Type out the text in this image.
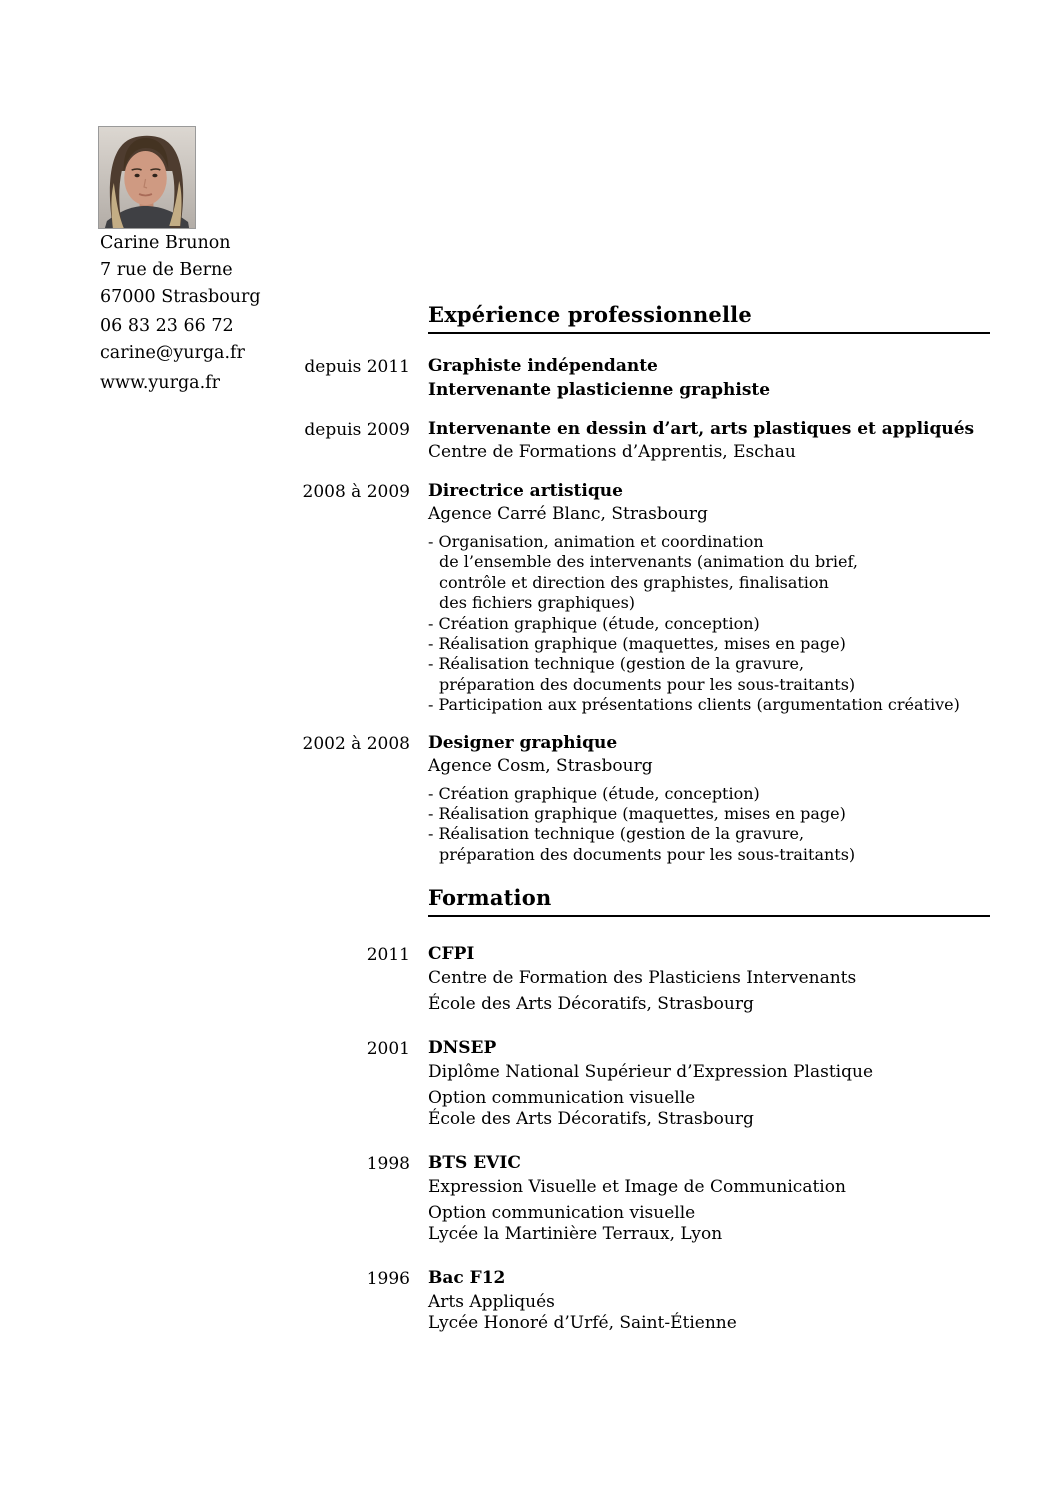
Carine Brunon
7 rue de Berne
67000 Strasbourg
06 83 23 66 72
carine@yurga.fr
www.yurga.fr
Expérience professionnelle
depuis 2011 Graphiste indépendante
Intervenante plasticienne graphiste
depuis 2009 Intervenante en dessin d’art, arts plastiques et appliqués
Centre de Formations d’Apprentis, Eschau
2008 à 2009 Directrice artistique
Agence Carré Blanc, Strasbourg
- Organisation, animation et coordination
de l’ensemble des intervenants (animation du brief,
contrôle et direction des graphistes, finalisation
des fichiers graphiques)
- Création graphique (étude, conception)
- Réalisation graphique (maquettes, mises en page)
- Réalisation technique (gestion de la gravure,
préparation des documents pour les sous-traitants)
- Participation aux présentations clients (argumentation créative)
2002 à 2008 Designer graphique
Agence Cosm, Strasbourg
- Création graphique (étude, conception)
- Réalisation graphique (maquettes, mises en page)
- Réalisation technique (gestion de la gravure,
préparation des documents pour les sous-traitants)
Formation
2011 CFPI
Centre de Formation des Plasticiens Intervenants
École des Arts Décoratifs, Strasbourg
2001 DNSEP
Diplôme National Supérieur d’Expression Plastique
Option communication visuelle
École des Arts Décoratifs, Strasbourg
1998 BTS EVIC
Expression Visuelle et Image de Communication
Option communication visuelle
Lycée la Martinière Terraux, Lyon
1996 Bac F12
Arts Appliqués
Lycée Honoré d’Urfé, Saint-Étienne
